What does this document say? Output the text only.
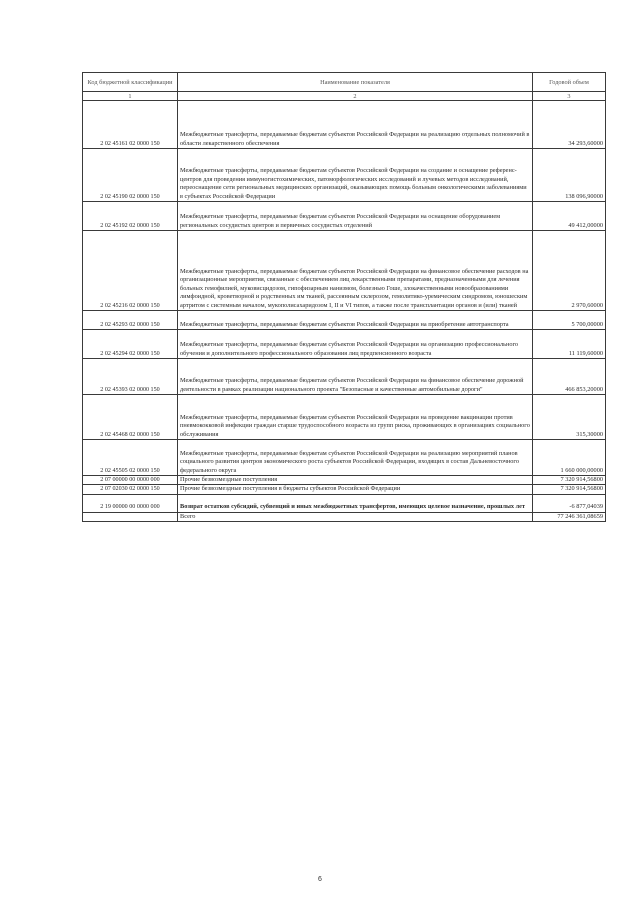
Код бюджетной классификации	Наименование показателя	Годовой объем
1	2	3
2 02 45161 02 0000 150	Межбюджетные трансферты, передаваемые бюджетам субъектов Российской Федерации на реализацию отдельных полномочий в области лекарственного обеспечения	34 293,60000
2 02 45190 02 0000 150	Межбюджетные трансферты, передаваемые бюджетам субъектов Российской Федерации на создание и оснащение референс-центров для проведения иммуногистохимических, патоморфологических исследований и лучевых методов исследований, переоснащение сети региональных медицинских организаций, оказывающих помощь больным онкологическими заболеваниями в субъектах Российской Федерации	138 096,90000
2 02 45192 02 0000 150	Межбюджетные трансферты, передаваемые бюджетам субъектов Российской Федерации на оснащение оборудованием региональных сосудистых центров и первичных сосудистых отделений	49 412,00000
2 02 45216 02 0000 150	Межбюджетные трансферты, передаваемые бюджетам субъектов Российской Федерации на финансовое обеспечение расходов на организационные мероприятия, связанные с обеспечением лиц лекарственными препаратами, предназначенными для лечения больных гемофилией, муковисцидозом, гипофизарным нанизмом, болезнью Гоше, злокачественными новообразованиями лимфоидной, кроветворной и родственных им тканей, рассеянным склерозом, гемолитико-уремическим синдромом, юношеским артритом с системным началом, мукополисахаридозом I, II и VI типов, а также после трансплантации органов и (или) тканей	2 970,60000
2 02 45293 02 0000 150	Межбюджетные трансферты, передаваемые бюджетам субъектов Российской Федерации на приобретение автотранспорта	5 700,00000
2 02 45294 02 0000 150	Межбюджетные трансферты, передаваемые бюджетам субъектов Российской Федерации на организацию профессионального обучения и дополнительного профессионального образования лиц предпенсионного возраста	11 119,60000
2 02 45393 02 0000 150	Межбюджетные трансферты, передаваемые бюджетам субъектов Российской Федерации на финансовое обеспечение дорожной деятельности в рамках реализации национального проекта "Безопасные и качественные автомобильные дороги"	466 853,20000
2 02 45468 02 0000 150	Межбюджетные трансферты, передаваемые бюджетам субъектов Российской Федерации на проведение вакцинации против пневмококковой инфекции граждан старше трудоспособного возраста из групп риска, проживающих в организациях социального обслуживания	315,30000
2 02 45505 02 0000 150	Межбюджетные трансферты, передаваемые бюджетам субъектов Российской Федерации на реализацию мероприятий планов социального развития центров экономического роста субъектов Российской Федерации, входящих в состав Дальневосточного федерального округа	1 660 000,00000
2 07 00000 00 0000 000	Прочие безвозмездные поступления	7 320 914,56800
2 07 02030 02 0000 150	Прочие безвозмездные поступления в бюджеты субъектов Российской Федерации	7 320 914,56800
2 19 00000 00 0000 000	Возврат остатков субсидий, субвенций и иных межбюджетных трансфертов, имеющих целевое назначение, прошлых лет	-6 877,04039
	Всего	77 246 361,08659
6
